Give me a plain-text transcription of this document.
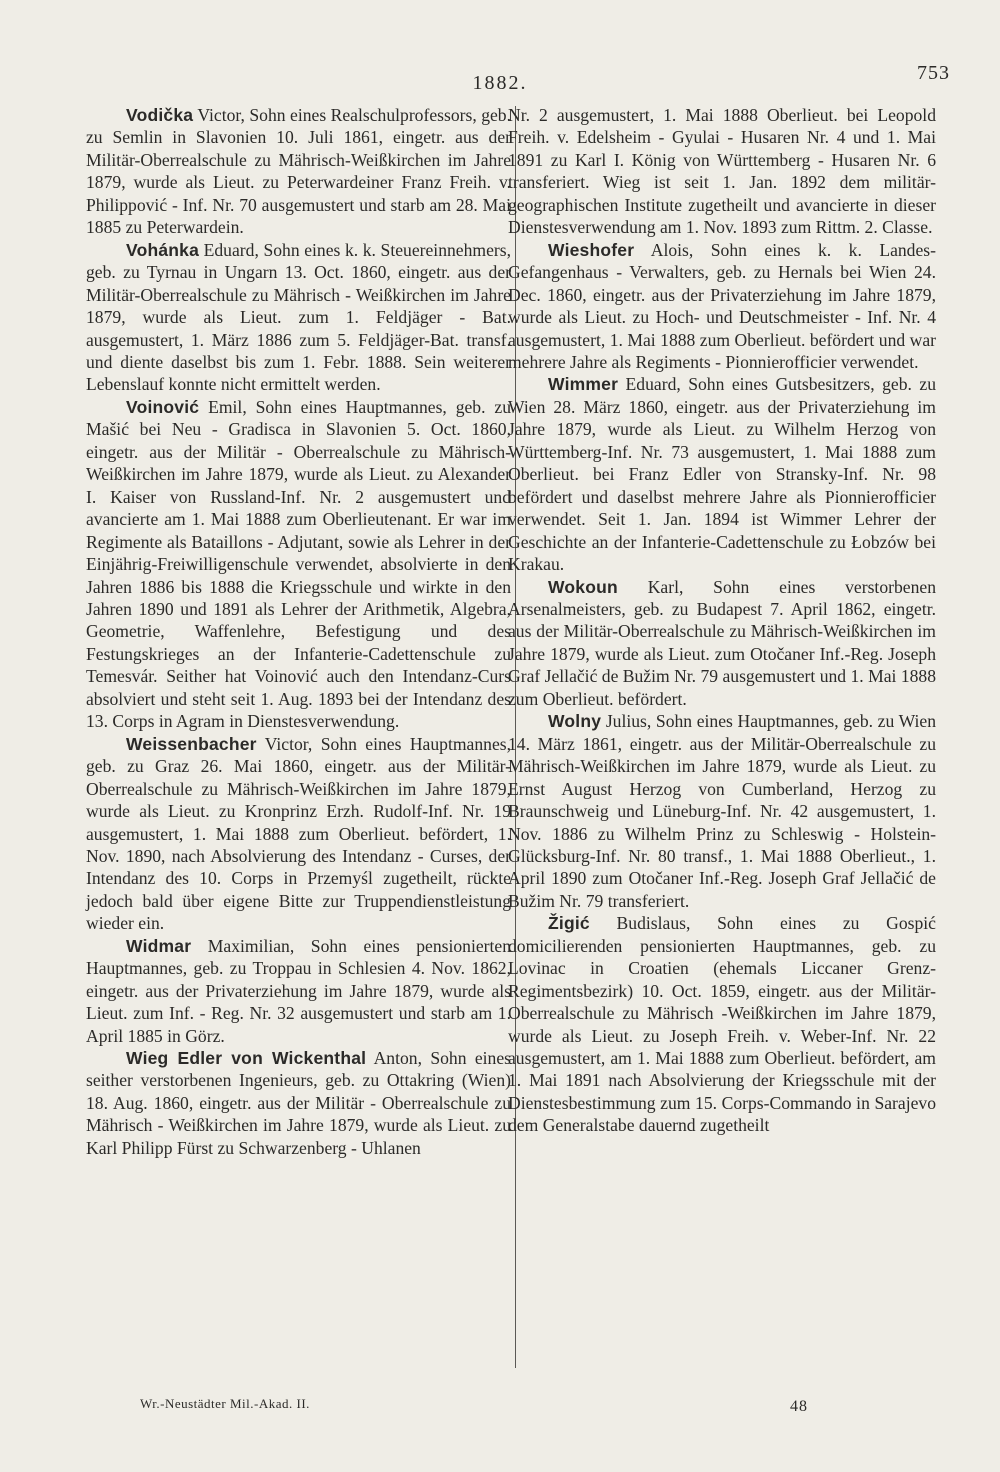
1882.	753

Vodička Victor, Sohn eines Realschulprofessors, geb. zu Semlin in Slavonien 10. Juli 1861, eingetr. aus der Militär-Oberrealschule zu Mährisch-Weißkirchen im Jahre 1879, wurde als Lieut. zu Peterwardeiner Franz Freih. v. Philippović - Inf. Nr. 70 ausgemustert und starb am 28. Mai 1885 zu Peterwardein.

Vohánka Eduard, Sohn eines k. k. Steuereinnehmers, geb. zu Tyrnau in Ungarn 13. Oct. 1860, eingetr. aus der Militär-Oberrealschule zu Mährisch - Weißkirchen im Jahre 1879, wurde als Lieut. zum 1. Feldjäger - Bat. ausgemustert, 1. März 1886 zum 5. Feldjäger-Bat. transf. und diente daselbst bis zum 1. Febr. 1888. Sein weiterer Lebenslauf konnte nicht ermittelt werden.

Voinović Emil, Sohn eines Hauptmannes, geb. zu Mašić bei Neu - Gradisca in Slavonien 5. Oct. 1860, eingetr. aus der Militär - Oberrealschule zu Mährisch-Weißkirchen im Jahre 1879, wurde als Lieut. zu Alexander I. Kaiser von Russland-Inf. Nr. 2 ausgemustert und avancierte am 1. Mai 1888 zum Oberlieutenant. Er war im Regimente als Bataillons - Adjutant, sowie als Lehrer in der Einjährig-Freiwilligenschule verwendet, absolvierte in den Jahren 1886 bis 1888 die Kriegsschule und wirkte in den Jahren 1890 und 1891 als Lehrer der Arithmetik, Algebra, Geometrie, Waffenlehre, Befestigung und des Festungskrieges an der Infanterie-Cadettenschule zu Temesvár. Seither hat Voinović auch den Intendanz-Curs absolviert und steht seit 1. Aug. 1893 bei der Intendanz des 13. Corps in Agram in Dienstesverwendung.

Weissenbacher Victor, Sohn eines Hauptmannes, geb. zu Graz 26. Mai 1860, eingetr. aus der Militär-Oberrealschule zu Mährisch-Weißkirchen im Jahre 1879, wurde als Lieut. zu Kronprinz Erzh. Rudolf-Inf. Nr. 19 ausgemustert, 1. Mai 1888 zum Oberlieut. befördert, 1. Nov. 1890, nach Absolvierung des Intendanz - Curses, der Intendanz des 10. Corps in Przemyśl zugetheilt, rückte jedoch bald über eigene Bitte zur Truppendienstleistung wieder ein.

Widmar Maximilian, Sohn eines pensionierten Hauptmannes, geb. zu Troppau in Schlesien 4. Nov. 1862, eingetr. aus der Privaterziehung im Jahre 1879, wurde als Lieut. zum Inf. - Reg. Nr. 32 ausgemustert und starb am 1. April 1885 in Görz.

Wieg Edler von Wickenthal Anton, Sohn eines seither verstorbenen Ingenieurs, geb. zu Ottakring (Wien) 18. Aug. 1860, eingetr. aus der Militär - Oberrealschule zu Mährisch - Weißkirchen im Jahre 1879, wurde als Lieut. zu Karl Philipp Fürst zu Schwarzenberg - Uhlanen

Nr. 2 ausgemustert, 1. Mai 1888 Oberlieut. bei Leopold Freih. v. Edelsheim - Gyulai - Husaren Nr. 4 und 1. Mai 1891 zu Karl I. König von Württemberg - Husaren Nr. 6 transferiert. Wieg ist seit 1. Jan. 1892 dem militär-geographischen Institute zugetheilt und avancierte in dieser Dienstesverwendung am 1. Nov. 1893 zum Rittm. 2. Classe.

Wieshofer Alois, Sohn eines k. k. Landes-Gefangenhaus - Verwalters, geb. zu Hernals bei Wien 24. Dec. 1860, eingetr. aus der Privaterziehung im Jahre 1879, wurde als Lieut. zu Hoch- und Deutschmeister - Inf. Nr. 4 ausgemustert, 1. Mai 1888 zum Oberlieut. befördert und war mehrere Jahre als Regiments - Pionnierofficier verwendet.

Wimmer Eduard, Sohn eines Gutsbesitzers, geb. zu Wien 28. März 1860, eingetr. aus der Privaterziehung im Jahre 1879, wurde als Lieut. zu Wilhelm Herzog von Württemberg-Inf. Nr. 73 ausgemustert, 1. Mai 1888 zum Oberlieut. bei Franz Edler von Stransky-Inf. Nr. 98 befördert und daselbst mehrere Jahre als Pionnierofficier verwendet. Seit 1. Jan. 1894 ist Wimmer Lehrer der Geschichte an der Infanterie-Cadettenschule zu Łobzów bei Krakau.

Wokoun Karl, Sohn eines verstorbenen Arsenalmeisters, geb. zu Budapest 7. April 1862, eingetr. aus der Militär-Oberrealschule zu Mährisch-Weißkirchen im Jahre 1879, wurde als Lieut. zum Otočaner Inf.-Reg. Joseph Graf Jellačić de Bužim Nr. 79 ausgemustert und 1. Mai 1888 zum Oberlieut. befördert.

Wolny Julius, Sohn eines Hauptmannes, geb. zu Wien 14. März 1861, eingetr. aus der Militär-Oberrealschule zu Mährisch-Weißkirchen im Jahre 1879, wurde als Lieut. zu Ernst August Herzog von Cumberland, Herzog zu Braunschweig und Lüneburg-Inf. Nr. 42 ausgemustert, 1. Nov. 1886 zu Wilhelm Prinz zu Schleswig - Holstein-Glücksburg-Inf. Nr. 80 transf., 1. Mai 1888 Oberlieut., 1. April 1890 zum Otočaner Inf.-Reg. Joseph Graf Jellačić de Bužim Nr. 79 transferiert.

Žigić Budislaus, Sohn eines zu Gospić domicilierenden pensionierten Hauptmannes, geb. zu Lovinac in Croatien (ehemals Liccaner Grenz-Regimentsbezirk) 10. Oct. 1859, eingetr. aus der Militär- Oberrealschule zu Mährisch -Weißkirchen im Jahre 1879, wurde als Lieut. zu Joseph Freih. v. Weber-Inf. Nr. 22 ausgemustert, am 1. Mai 1888 zum Oberlieut. befördert, am 1. Mai 1891 nach Absolvierung der Kriegsschule mit der Dienstesbestimmung zum 15. Corps-Commando in Sarajevo dem Generalstabe dauernd zugetheilt

Wr.-Neustädter Mil.-Akad. II.	48
